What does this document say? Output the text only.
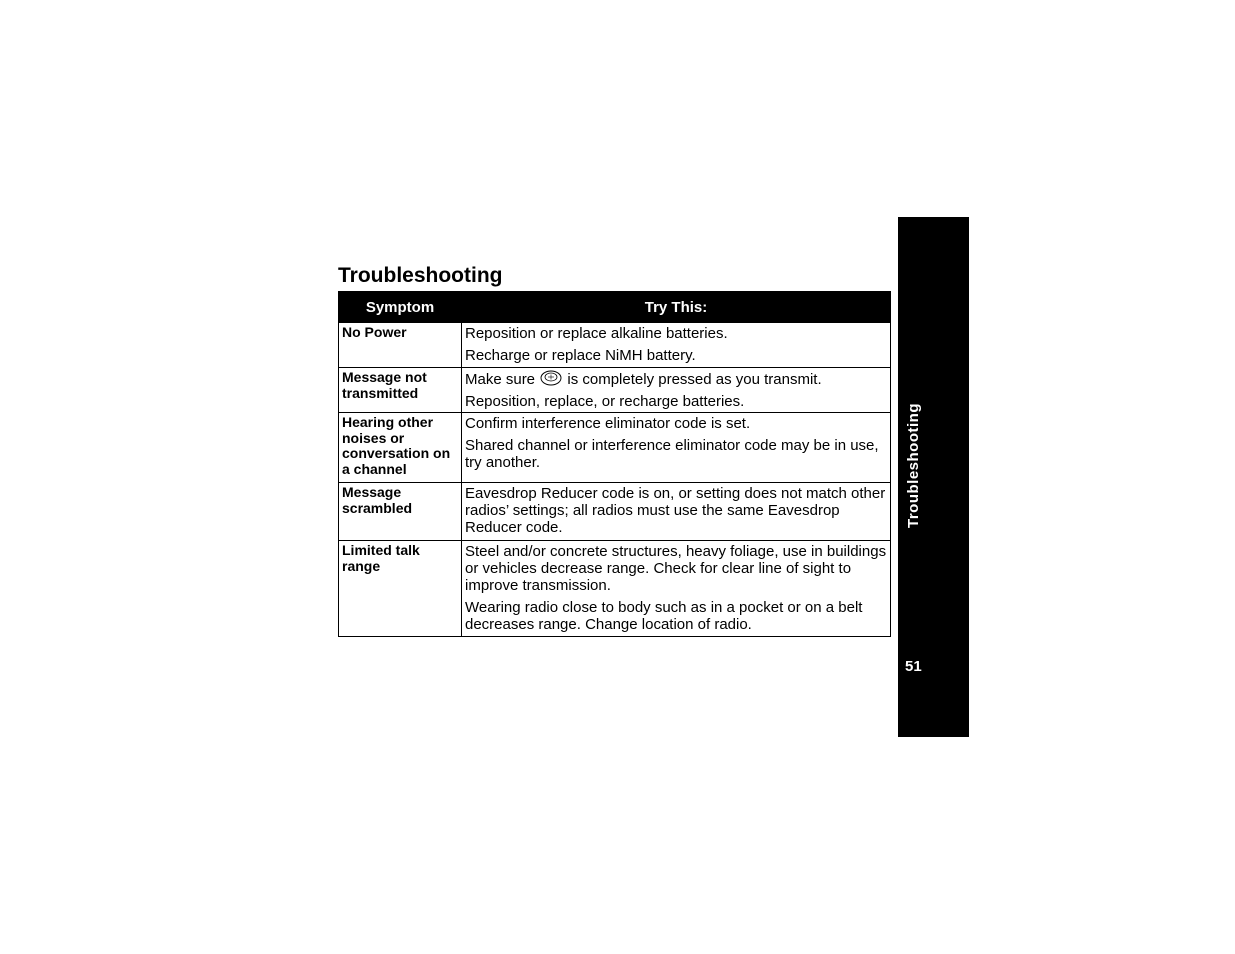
Troubleshooting
Symptom	Try This:
No Power	Reposition or replace alkaline batteries.

Recharge or replace NiMH battery.

Message not transmitted	Make sure  is completely pressed as you transmit.

Reposition, replace, or recharge batteries.

Hearing other noises or conversation on a channel	Confirm interference eliminator code is set.

Shared channel or interference eliminator code may be in use, try another.

Message scrambled	Eavesdrop Reducer code is on, or setting does not match other radios’ settings; all radios must use the same Eavesdrop Reducer code.

Limited talk range	Steel and/or concrete structures, heavy foliage, use in buildings or vehicles decrease range. Check for clear line of sight to improve transmission.

Wearing radio close to body such as in a pocket or on a belt decreases range. Change location of radio.

Troubleshooting
51
